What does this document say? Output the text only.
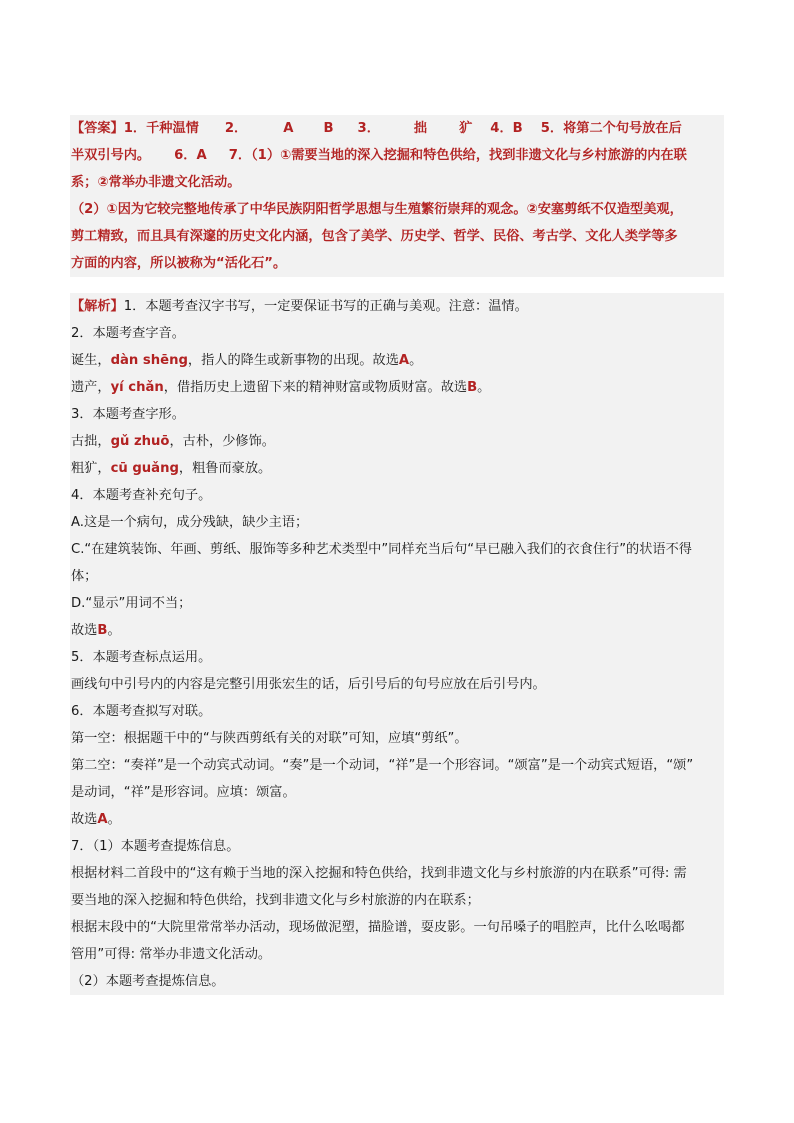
【答案】1．千种温情 2．	A B 3．	拙 犷 4．B 5．将第二个句号放在后
半双引号内。 6．A 7．（1）①需要当地的深入挖掘和特色供给，找到非遗文化与乡村旅游的内在联
系；②常举办非遗文化活动。
（2）①因为它较完整地传承了中华民族阴阳哲学思想与生殖繁衍崇拜的观念。②安塞剪纸不仅造型美观，
剪工精致，而且具有深邃的历史文化内涵，包含了美学、历史学、哲学、民俗、考古学、文化人类学等多
方面的内容，所以被称为“活化石”。
【解析】1．本题考查汉字书写，一定要保证书写的正确与美观。注意：温情。
2．本题考查字音。
诞生，dàn shēng，指人的降生或新事物的出现。故选A。
遗产，yí chǎn，借指历史上遗留下来的精神财富或物质财富。故选B。
3．本题考查字形。
古拙，gǔ zhuō，古朴，少修饰。
粗犷，cū guǎng，粗鲁而豪放。
4．本题考查补充句子。
A.这是一个病句，成分残缺，缺少主语；
C.“在建筑装饰、年画、剪纸、服饰等多种艺术类型中”同样充当后句“早已融入我们的衣食住行”的状语不得
体；
D.“显示”用词不当；
故选B。
5．本题考查标点运用。
画线句中引号内的内容是完整引用张宏生的话，后引号后的句号应放在后引号内。
6．本题考查拟写对联。
第一空：根据题干中的“与陕西剪纸有关的对联”可知，应填“剪纸”。
第二空：“奏祥”是一个动宾式动词。“奏”是一个动词，“祥”是一个形容词。“颂富”是一个动宾式短语，“颂”
是动词，“祥”是形容词。应填：颂富。
故选A。
7．（1）本题考查提炼信息。
根据材料二首段中的“这有赖于当地的深入挖掘和特色供给，找到非遗文化与乡村旅游的内在联系”可得: 需
要当地的深入挖掘和特色供给，找到非遗文化与乡村旅游的内在联系；
根据末段中的“大院里常常举办活动，现场做泥塑，描脸谱，耍皮影。一句吊嗓子的唱腔声，比什么吆喝都
管用”可得: 常举办非遗文化活动。
（2）本题考查提炼信息。
